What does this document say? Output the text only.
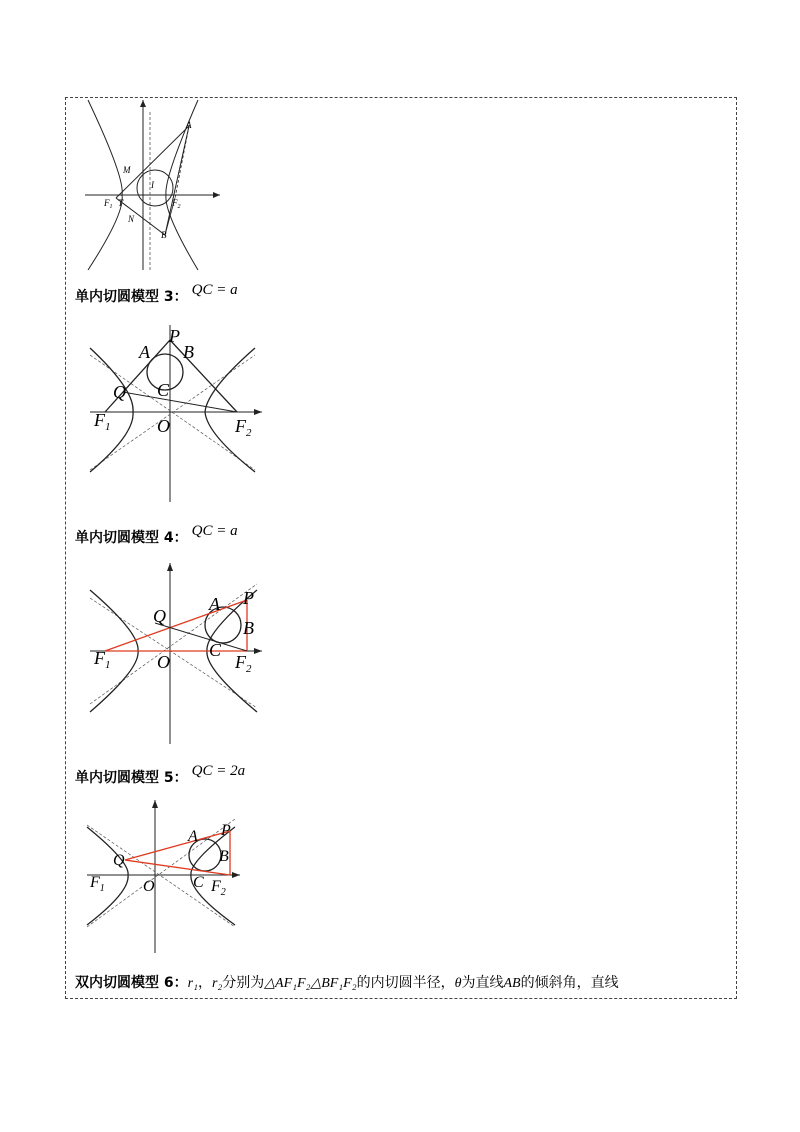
A
M
I
$F_1$ T	$F_2$
N
B
单内切圆模型 3： QC = a
P
A B
C
Q
$F_1$	O	$F_2$
单内切圆模型 4： QC = a
A P
B
C
Q
$F_1$	O	$F_2$
单内切圆模型 5： QC = 2a
A P
B
C
Q
$F_1$ O	$F_2$
双内切圆模型 6：r₁，r₂分别为△AF₁F₂△BF₁F₂的内切圆半径，θ为直线AB的倾斜角，直线
